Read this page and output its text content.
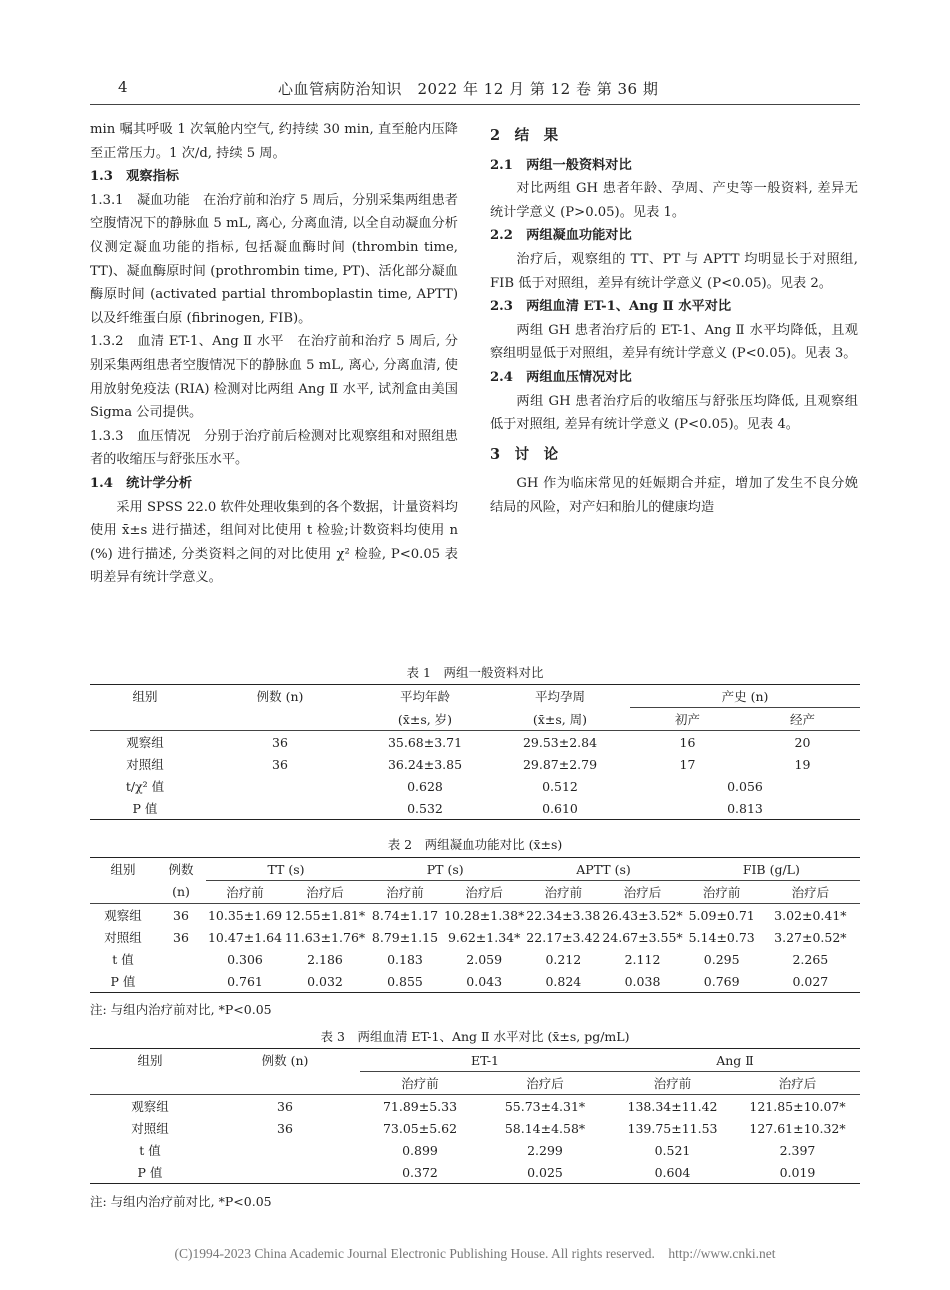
4	心血管病防治知识　2022 年 12 月 第 12 卷 第 36 期

min 嘱其呼吸 1 次氧舱内空气, 约持续 30 min, 直至舱内压降至正常压力。1 次/d, 持续 5 周。

1.3　观察指标

1.3.1　凝血功能　在治疗前和治疗 5 周后，分别采集两组患者空腹情况下的静脉血 5 mL, 离心, 分离血清, 以全自动凝血分析仪测定凝血功能的指标, 包括凝血酶时间 (thrombin time, TT)、凝血酶原时间 (prothrombin time, PT)、活化部分凝血酶原时间 (activated partial thromboplastin time, APTT) 以及纤维蛋白原 (fibrinogen, FIB)。

1.3.2　血清 ET-1、Ang Ⅱ 水平　在治疗前和治疗 5 周后, 分别采集两组患者空腹情况下的静脉血 5 mL, 离心, 分离血清, 使用放射免疫法 (RIA) 检测对比两组 Ang Ⅱ 水平, 试剂盒由美国 Sigma 公司提供。

1.3.3　血压情况　分别于治疗前后检测对比观察组和对照组患者的收缩压与舒张压水平。

1.4　统计学分析

采用 SPSS 22.0 软件处理收集到的各个数据，计量资料均使用 x̄±s 进行描述，组间对比使用 t 检验;计数资料均使用 n (%) 进行描述, 分类资料之间的对比使用 χ² 检验, P<0.05 表明差异有统计学意义。

2　结　果

2.1　两组一般资料对比

对比两组 GH 患者年龄、孕周、产史等一般资料, 差异无统计学意义 (P>0.05)。见表 1。

2.2　两组凝血功能对比

治疗后，观察组的 TT、PT 与 APTT 均明显长于对照组, FIB 低于对照组，差异有统计学意义 (P<0.05)。见表 2。

2.3　两组血清 ET-1、Ang Ⅱ 水平对比

两组 GH 患者治疗后的 ET-1、Ang Ⅱ 水平均降低，且观察组明显低于对照组，差异有统计学意义 (P<0.05)。见表 3。

2.4　两组血压情况对比

两组 GH 患者治疗后的收缩压与舒张压均降低, 且观察组低于对照组, 差异有统计学意义 (P<0.05)。见表 4。

3　讨　论

GH 作为临床常见的妊娠期合并症，增加了发生不良分娩结局的风险，对产妇和胎儿的健康均造

表 1　两组一般资料对比
组别	例数 (n)	平均年龄	平均孕周	产史 (n)	
		(x̄±s, 岁)	(x̄±s, 周)	初产	经产
观察组	36	35.68±3.71	29.53±2.84	16	20
对照组	36	36.24±3.85	29.87±2.79	17	19
t/χ² 值		0.628	0.512	0.056	
P 值		0.532	0.610	0.813	
表 2　两组凝血功能对比 (x̄±s)
组别	例数	TT (s)		PT (s)		APTT (s)		FIB (g/L)	
	(n)	治疗前	治疗后	治疗前	治疗后	治疗前	治疗后	治疗前	治疗后
观察组	36	10.35±1.69	12.55±1.81*	8.74±1.17	10.28±1.38*	22.34±3.38	26.43±3.52*	5.09±0.71	3.02±0.41*
对照组	36	10.47±1.64	11.63±1.76*	8.79±1.15	9.62±1.34*	22.17±3.42	24.67±3.55*	5.14±0.73	3.27±0.52*
t 值		0.306	2.186	0.183	2.059	0.212	2.112	0.295	2.265
P 值		0.761	0.032	0.855	0.043	0.824	0.038	0.769	0.027
注: 与组内治疗前对比, *P<0.05
表 3　两组血清 ET-1、Ang Ⅱ 水平对比 (x̄±s, pg/mL)
组别	例数 (n)	ET-1		Ang Ⅱ	
		治疗前	治疗后	治疗前	治疗后
观察组	36	71.89±5.33	55.73±4.31*	138.34±11.42	121.85±10.07*
对照组	36	73.05±5.62	58.14±4.58*	139.75±11.53	127.61±10.32*
t 值		0.899	2.299	0.521	2.397
P 值		0.372	0.025	0.604	0.019
注: 与组内治疗前对比, *P<0.05
(C)1994-2023 China Academic Journal Electronic Publishing House. All rights reserved.　http://www.cnki.net
